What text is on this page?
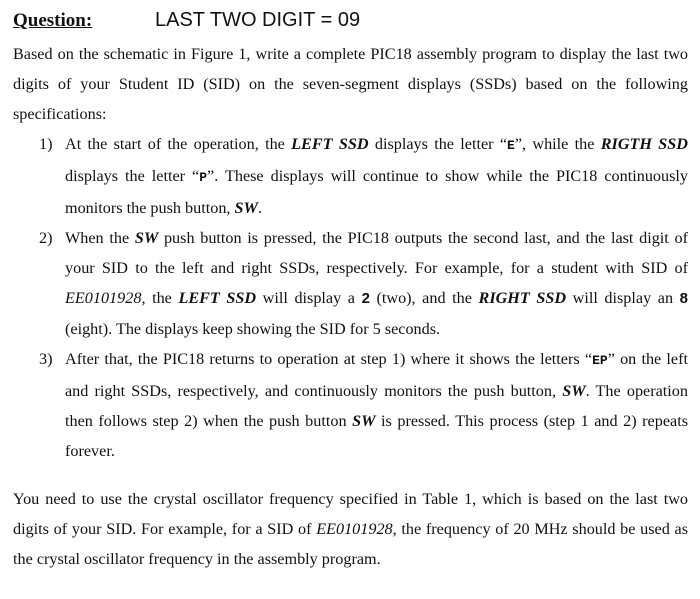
Question:	LAST TWO DIGIT = 09

Based on the schematic in Figure 1, write a complete PIC18 assembly program to display the last two digits of your Student ID (SID) on the seven-segment displays (SSDs) based on the following specifications:

1) At the start of the operation, the LEFT SSD displays the letter “E”, while the RIGTH SSD displays the letter “P”. These displays will continue to show while the PIC18 continuously monitors the push button, SW.
2) When the SW push button is pressed, the PIC18 outputs the second last, and the last digit of your SID to the left and right SSDs, respectively. For example, for a student with SID of EE0101928, the LEFT SSD will display a 2 (two), and the RIGHT SSD will display an 8 (eight). The displays keep showing the SID for 5 seconds.
3) After that, the PIC18 returns to operation at step 1) where it shows the letters “EP” on the left and right SSDs, respectively, and continuously monitors the push button, SW. The operation then follows step 2) when the push button SW is pressed. This process (step 1 and 2) repeats forever.

You need to use the crystal oscillator frequency specified in Table 1, which is based on the last two digits of your SID. For example, for a SID of EE0101928, the frequency of 20 MHz should be used as the crystal oscillator frequency in the assembly program.
